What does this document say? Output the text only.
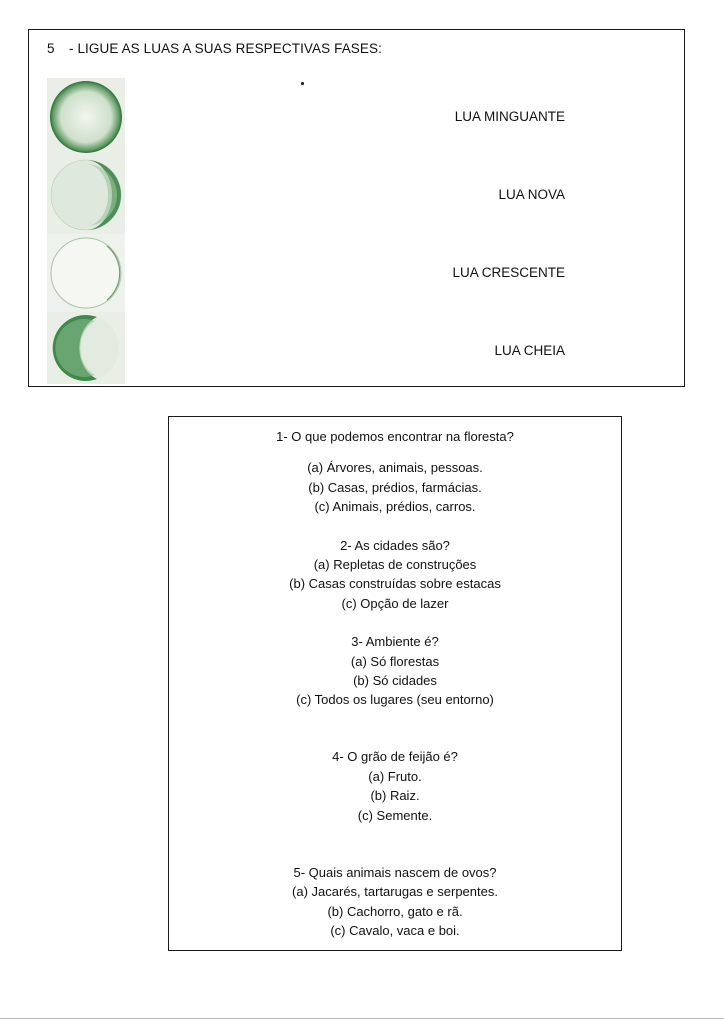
5 - LIGUE AS LUAS A SUAS RESPECTIVAS FASES:
LUA MINGUANTE
LUA NOVA
LUA CRESCENTE
LUA CHEIA
1- O que podemos encontrar na floresta?
(a) Árvores, animais, pessoas.
(b) Casas, prédios, farmácias.
(c) Animais, prédios, carros.
2- As cidades são?
(a) Repletas de construções
(b) Casas construídas sobre estacas
(c) Opção de lazer
3- Ambiente é?
(a) Só florestas
(b) Só cidades
(c) Todos os lugares (seu entorno)
4- O grão de feijão é?
(a) Fruto.
(b) Raiz.
(c) Semente.
5- Quais animais nascem de ovos?
(a) Jacarés, tartarugas e serpentes.
(b) Cachorro, gato e rã.
(c) Cavalo, vaca e boi.
